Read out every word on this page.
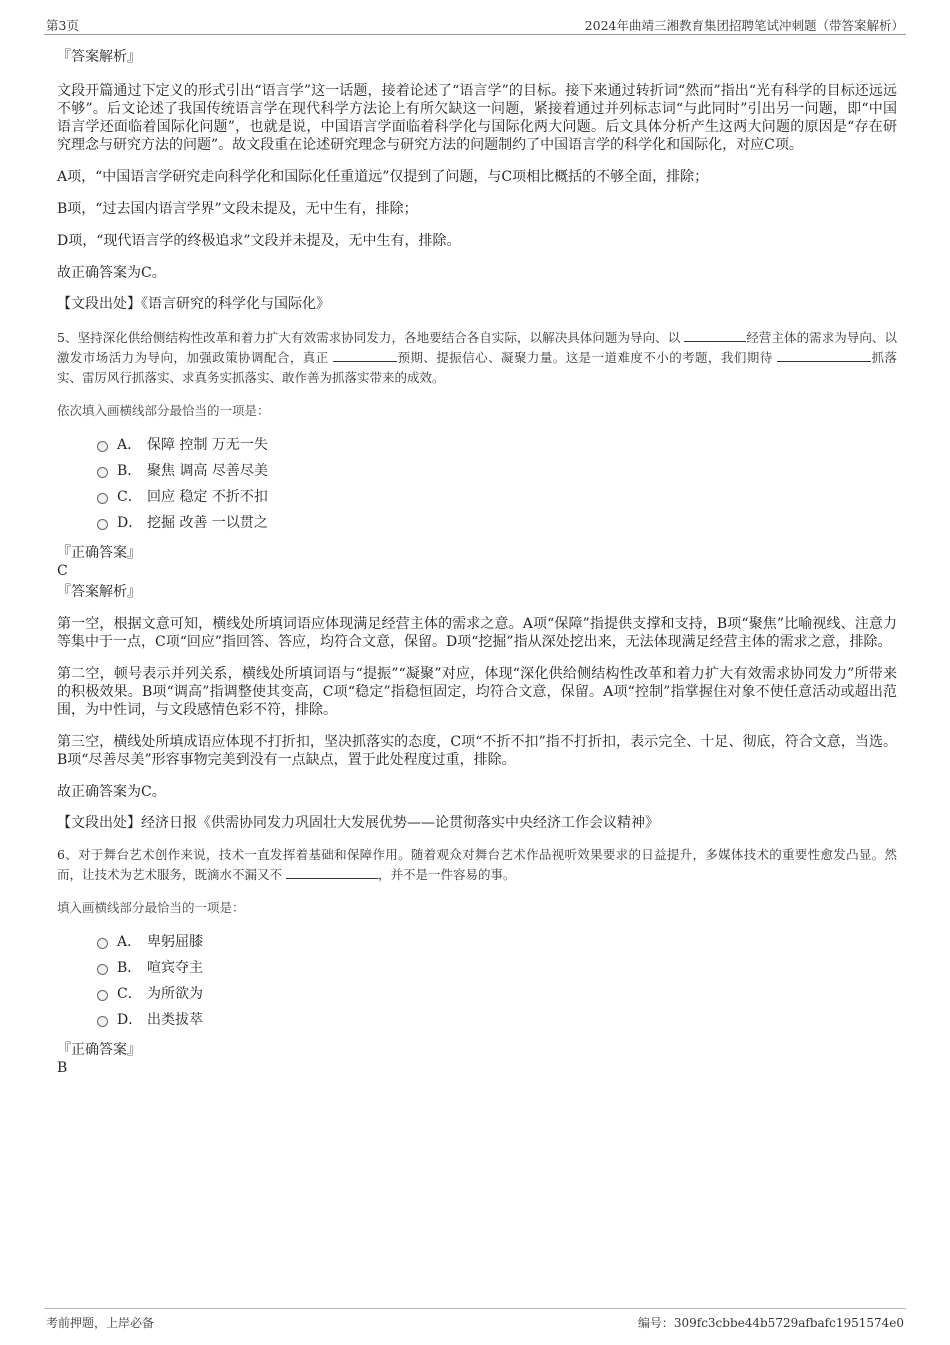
第3页	2024年曲靖三湘教育集团招聘笔试冲刺题（带答案解析）

『答案解析』

文段开篇通过下定义的形式引出“语言学”这一话题，接着论述了“语言学”的目标。接下来通过转折词“然而”指出“光有科学的目标还远远不够”。后文论述了我国传统语言学在现代科学方法论上有所欠缺这一问题，紧接着通过并列标志词“与此同时”引出另一问题，即“中国语言学还面临着国际化问题”，也就是说，中国语言学面临着科学化与国际化两大问题。后文具体分析产生这两大问题的原因是“存在研究理念与研究方法的问题”。故文段重在论述研究理念与研究方法的问题制约了中国语言学的科学化和国际化，对应C项。

A项，“中国语言学研究走向科学化和国际化任重道远”仅提到了问题，与C项相比概括的不够全面，排除；

B项，“过去国内语言学界”文段未提及，无中生有，排除；

D项，“现代语言学的终极追求”文段并未提及，无中生有，排除。

故正确答案为C。

【文段出处】《语言研究的科学化与国际化》

5、坚持深化供给侧结构性改革和着力扩大有效需求协同发力，各地要结合各自实际，以解决具体问题为导向、以	经营主体的需求为导向、以激发市场活力为导向，加强政策协调配合，真正	预期、提振信心、凝聚力量。这是一道难度不小的考题，我们期待	抓落实、雷厉风行抓落实、求真务实抓落实、敢作善为抓落实带来的成效。

依次填入画横线部分最恰当的一项是：

A． 保障 控制 万无一失
B． 聚焦 调高 尽善尽美
C． 回应 稳定 不折不扣
D． 挖掘 改善 一以贯之

『正确答案』

C

『答案解析』

第一空，根据文意可知，横线处所填词语应体现满足经营主体的需求之意。A项“保障”指提供支撑和支持，B项“聚焦”比喻视线、注意力等集中于一点，C项“回应”指回答、答应，均符合文意，保留。D项“挖掘”指从深处挖出来，无法体现满足经营主体的需求之意，排除。

第二空，顿号表示并列关系，横线处所填词语与“提振”“凝聚”对应，体现“深化供给侧结构性改革和着力扩大有效需求协同发力”所带来的积极效果。B项“调高”指调整使其变高，C项“稳定”指稳恒固定，均符合文意，保留。A项“控制”指掌握住对象不使任意活动或超出范围，为中性词，与文段感情色彩不符，排除。

第三空，横线处所填成语应体现不打折扣，坚决抓落实的态度，C项“不折不扣”指不打折扣，表示完全、十足、彻底，符合文意，当选。B项“尽善尽美”形容事物完美到没有一点缺点，置于此处程度过重，排除。

故正确答案为C。

【文段出处】经济日报《供需协同发力巩固壮大发展优势——论贯彻落实中央经济工作会议精神》

6、对于舞台艺术创作来说，技术一直发挥着基础和保障作用。随着观众对舞台艺术作品视听效果要求的日益提升，多媒体技术的重要性愈发凸显。然而，让技术为艺术服务，既滴水不漏又不	，并不是一件容易的事。

填入画横线部分最恰当的一项是：

A． 卑躬屈膝
B． 喧宾夺主
C． 为所欲为
D． 出类拔萃

『正确答案』

B

考前押题，上岸必备	编号：309fc3cbbe44b5729afbafc1951574e0
